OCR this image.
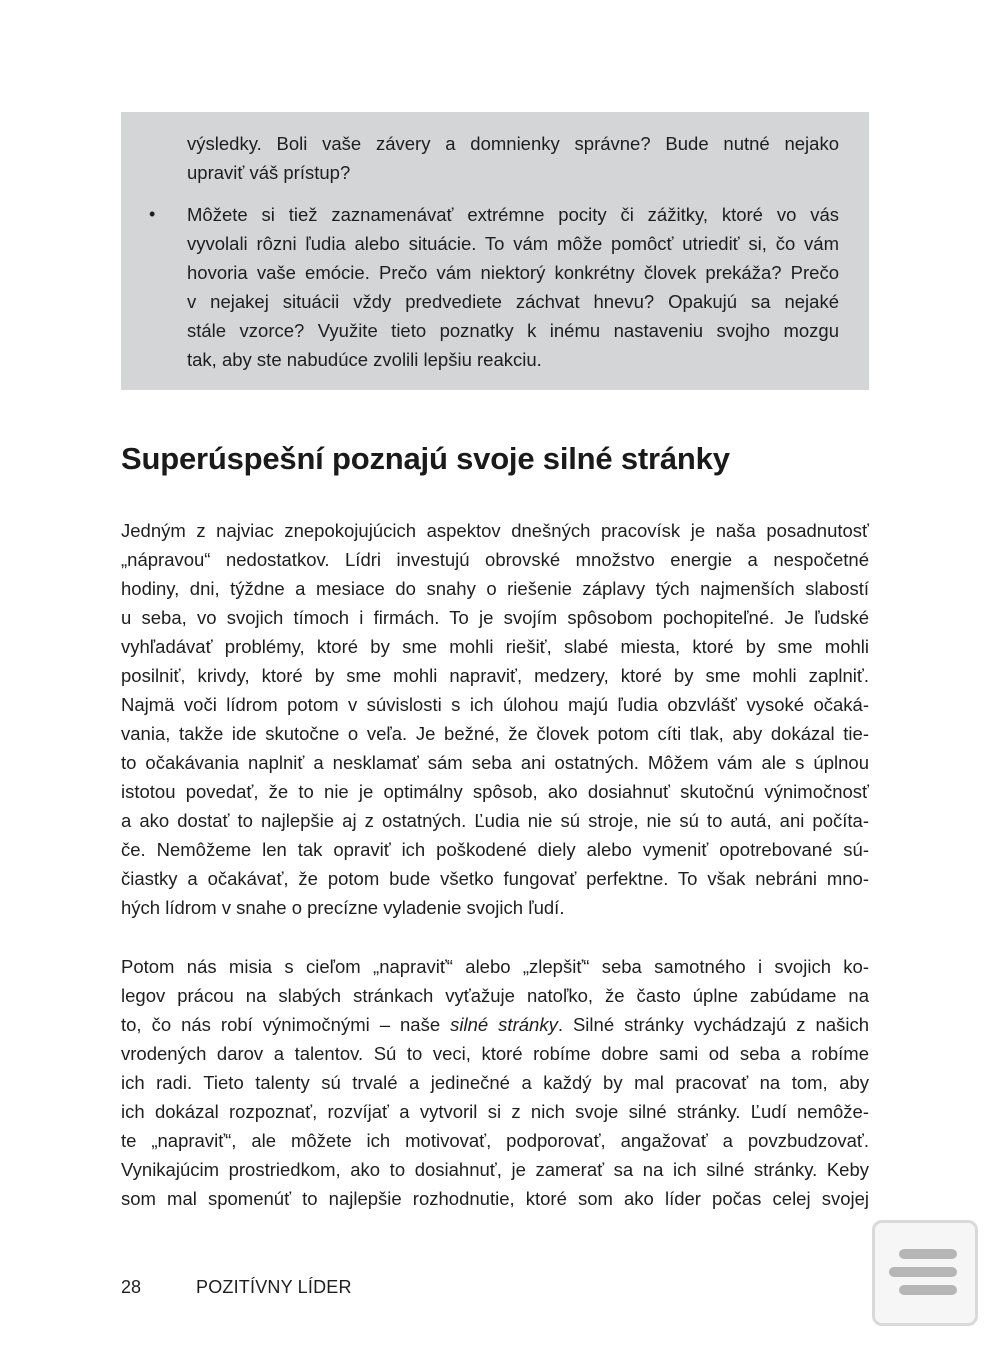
výsledky. Boli vaše závery a domnienky správne? Bude nutné nejako
upraviť váš prístup?
• Môžete si tiež zaznamenávať extrémne pocity či zážitky, ktoré vo vás
vyvolali rôzni ľudia alebo situácie. To vám môže pomôcť utriediť si, čo vám
hovoria vaše emócie. Prečo vám niektorý konkrétny človek prekáža? Prečo
v nejakej situácii vždy predvediete záchvat hnevu? Opakujú sa nejaké
stále vzorce? Využite tieto poznatky k inému nastaveniu svojho mozgu
tak, aby ste nabudúce zvolili lepšiu reakciu.
Superúspešní poznajú svoje silné stránky
Jedným z najviac znepokojujúcich aspektov dnešných pracovísk je naša posadnutosť
„nápravou“ nedostatkov. Lídri investujú obrovské množstvo energie a nespočetné
hodiny, dni, týždne a mesiace do snahy o riešenie záplavy tých najmenších slabostí
u seba, vo svojich tímoch i firmách. To je svojím spôsobom pochopiteľné. Je ľudské
vyhľadávať problémy, ktoré by sme mohli riešiť, slabé miesta, ktoré by sme mohli
posilniť, krivdy, ktoré by sme mohli napraviť, medzery, ktoré by sme mohli zaplniť.
Najmä voči lídrom potom v súvislosti s ich úlohou majú ľudia obzvlášť vysoké očaká-
vania, takže ide skutočne o veľa. Je bežné, že človek potom cíti tlak, aby dokázal tie-
to očakávania naplniť a nesklamať sám seba ani ostatných. Môžem vám ale s úplnou
istotou povedať, že to nie je optimálny spôsob, ako dosiahnuť skutočnú výnimočnosť
a ako dostať to najlepšie aj z ostatných. Ľudia nie sú stroje, nie sú to autá, ani počíta-
če. Nemôžeme len tak opraviť ich poškodené diely alebo vymeniť opotrebované sú-
čiastky a očakávať, že potom bude všetko fungovať perfektne. To však nebráni mno-
hých lídrom v snahe o precízne vyladenie svojich ľudí.
Potom nás misia s cieľom „napraviť“ alebo „zlepšiť“ seba samotného i svojich ko-
legov prácou na slabých stránkach vyťažuje natoľko, že často úplne zabúdame na
to, čo nás robí výnimočnými – naše silné stránky. Silné stránky vychádzajú z našich
vrodených darov a talentov. Sú to veci, ktoré robíme dobre sami od seba a robíme
ich radi. Tieto talenty sú trvalé a jedinečné a každý by mal pracovať na tom, aby
ich dokázal rozpoznať, rozvíjať a vytvoril si z nich svoje silné stránky. Ľudí nemôže-
te „napraviť“, ale môžete ich motivovať, podporovať, angažovať a povzbudzovať.
Vynikajúcim prostriedkom, ako to dosiahnuť, je zamerať sa na ich silné stránky. Keby
som mal spomenúť to najlepšie rozhodnutie, ktoré som ako líder počas celej svojej
28	POZITÍVNY LÍDER
